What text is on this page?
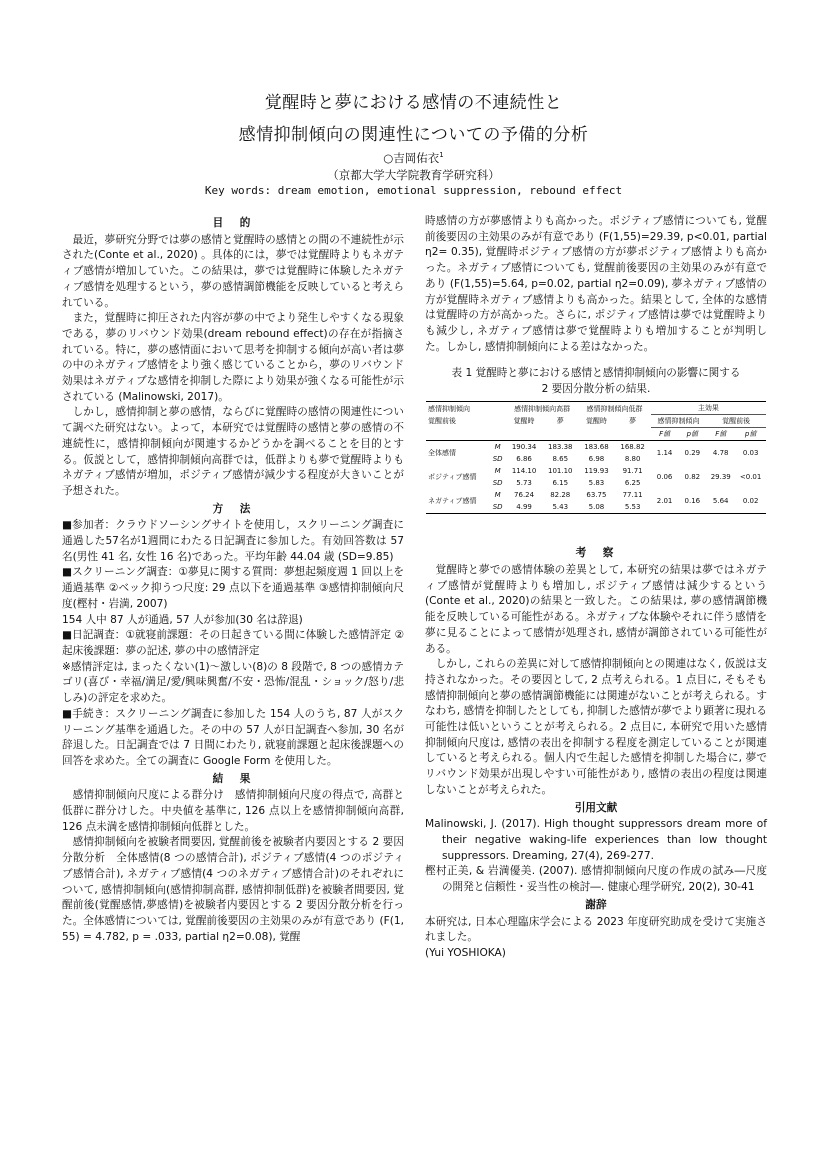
覚醒時と夢における感情の不連続性と
感情抑制傾向の関連性についての予備的分析
○吉岡佑衣$^1$
（京都大学大学院教育学研究科）
Key words: dream emotion, emotional suppression, rebound effect
目　的

最近，夢研究分野では夢の感情と覚醒時の感情との間の不連続性が示された(Conte et al., 2020) 。具体的には，夢では覚醒時よりもネガティブ感情が増加していた。この結果は，夢では覚醒時に体験したネガティブ感情を処理するという，夢の感情調節機能を反映していると考えられている。

また，覚醒時に抑圧された内容が夢の中でより発生しやすくなる現象である，夢のリバウンド効果(dream rebound effect)の存在が指摘されている。特に，夢の感情面において思考を抑制する傾向が高い者は夢の中のネガティブ感情をより強く感じていることから，夢のリバウンド効果はネガティブな感情を抑制した際により効果が強くなる可能性が示されている (Malinowski, 2017)。

しかし，感情抑制と夢の感情，ならびに覚醒時の感情の関連性について調べた研究はない。よって，本研究では覚醒時の感情と夢の感情の不連続性に，感情抑制傾向が関連するかどうかを調べることを目的とする。仮説として，感情抑制傾向高群では，低群よりも夢で覚醒時よりもネガティブ感情が増加，ポジティブ感情が減少する程度が大きいことが予想された。

方　法

■参加者：クラウドソーシングサイトを使用し，スクリーニング調査に通過した57名が1週間にわたる日記調査に参加した。有効回答数は 57 名(男性 41 名, 女性 16 名)であった。平均年齢 44.04 歳 (SD=9.85)

■スクリーニング調査：①夢見に関する質問：夢想起頻度週 1 回以上を通過基準 ②ベック抑うつ尺度: 29 点以下を通過基準 ③感情抑制傾向尺度(樫村・岩満, 2007)

154 人中 87 人が通過, 57 人が参加(30 名は辞退)

■日記調査：①就寝前課題：その日起きている間に体験した感情評定 ②起床後課題：夢の記述, 夢の中の感情評定

※感情評定は, まったくない(1)～激しい(8)の 8 段階で, 8 つの感情カテゴリ(喜び・幸福/満足/愛/興味興奮/不安・恐怖/混乱・ショック/怒り/悲しみ)の評定を求めた。

■手続き：スクリーニング調査に参加した 154 人のうち, 87 人がスクリーニング基準を通過した。その中の 57 人が日記調査へ参加, 30 名が辞退した。日記調査では 7 日間にわたり, 就寝前課題と起床後課題への回答を求めた。全ての調査に Google Form を使用した。

結　果

感情抑制傾向尺度による群分け　感情抑制傾向尺度の得点で, 高群と低群に群分けした。中央値を基準に, 126 点以上を感情抑制傾向高群, 126 点未満を感情抑制傾向低群とした。

感情抑制傾向を被験者間要因, 覚醒前後を被験者内要因とする 2 要因分散分析　全体感情(8 つの感情合計), ポジティブ感情(4 つのポジティブ感情合計), ネガティブ感情(4 つのネガティブ感情合計)のそれぞれについて, 感情抑制傾向(感情抑制高群, 感情抑制低群)を被験者間要因, 覚醒前後(覚醒感情,夢感情)を被験者内要因とする 2 要因分散分析を行った。全体感情については, 覚醒前後要因の主効果のみが有意であり (F(1, 55) = 4.782, p = .033, partial η2=0.08), 覚醒

時感情の方が夢感情よりも高かった。ポジティブ感情についても, 覚醒前後要因の主効果のみが有意であり (F(1,55)=29.39, p<0.01, partial η2= 0.35), 覚醒時ポジティブ感情の方が夢ポジティブ感情よりも高かった。ネガティブ感情についても, 覚醒前後要因の主効果のみが有意であり (F(1,55)=5.64, p=0.02, partial η2=0.09), 夢ネガティブ感情の方が覚醒時ネガティブ感情よりも高かった。結果として, 全体的な感情は覚醒時の方が高かった。さらに, ポジティブ感情は夢では覚醒時よりも減少し, ネガティブ感情は夢で覚醒時よりも増加することが判明した。しかし, 感情抑制傾向による差はなかった。

表 1 覚醒時と夢における感情と感情抑制傾向の影響に関する
2 要因分散分析の結果.
感情抑制傾向		感情抑制傾向高群		感情抑制傾向低群		主効果			
覚醒前後		覚醒時	夢	覚醒時	夢	感情抑制傾向		覚醒前後	
						F値	p値	F値	p値
全体感情	M	190.34	183.38	183.68	168.82	1.14	0.29	4.78	0.03
	SD	6.86	8.65	6.98	8.80				
ポジティブ感情	M	114.10	101.10	119.93	91.71	0.06	0.82	29.39	<0.01
	SD	5.73	6.15	5.83	6.25				
ネガティブ感情	M	76.24	82.28	63.75	77.11	2.01	0.16	5.64	0.02
	SD	4.99	5.43	5.08	5.53				
考　察

覚醒時と夢での感情体験の差異として, 本研究の結果は夢ではネガティブ感情が覚醒時よりも増加し, ポジティブ感情は減少するという (Conte et al., 2020)の結果と一致した。この結果は, 夢の感情調節機能を反映している可能性がある。ネガティブな体験やそれに伴う感情を夢に見ることによって感情が処理され, 感情が調節されている可能性がある。

しかし, これらの差異に対して感情抑制傾向との関連はなく, 仮説は支持されなかった。その要因として, 2 点考えられる。1 点目に, そもそも感情抑制傾向と夢の感情調節機能には関連がないことが考えられる。すなわち, 感情を抑制したとしても, 抑制した感情が夢でより顕著に現れる可能性は低いということが考えられる。2 点目に, 本研究で用いた感情抑制傾向尺度は, 感情の表出を抑制する程度を測定していることが関連していると考えられる。個人内で生起した感情を抑制した場合に, 夢でリバウンド効果が出現しやすい可能性があり, 感情の表出の程度は関連しないことが考えられた。

引用文献

Malinowski, J. (2017). High thought suppressors dream more of their negative waking-life experiences than low thought suppressors. Dreaming, 27(4), 269-277.

樫村正美, & 岩満優美. (2007). 感情抑制傾向尺度の作成の試み―尺度の開発と信頼性・妥当性の検討―. 健康心理学研究, 20(2), 30-41

謝辞

本研究は, 日本心理臨床学会による 2023 年度研究助成を受けて実施されました。

(Yui YOSHIOKA)
